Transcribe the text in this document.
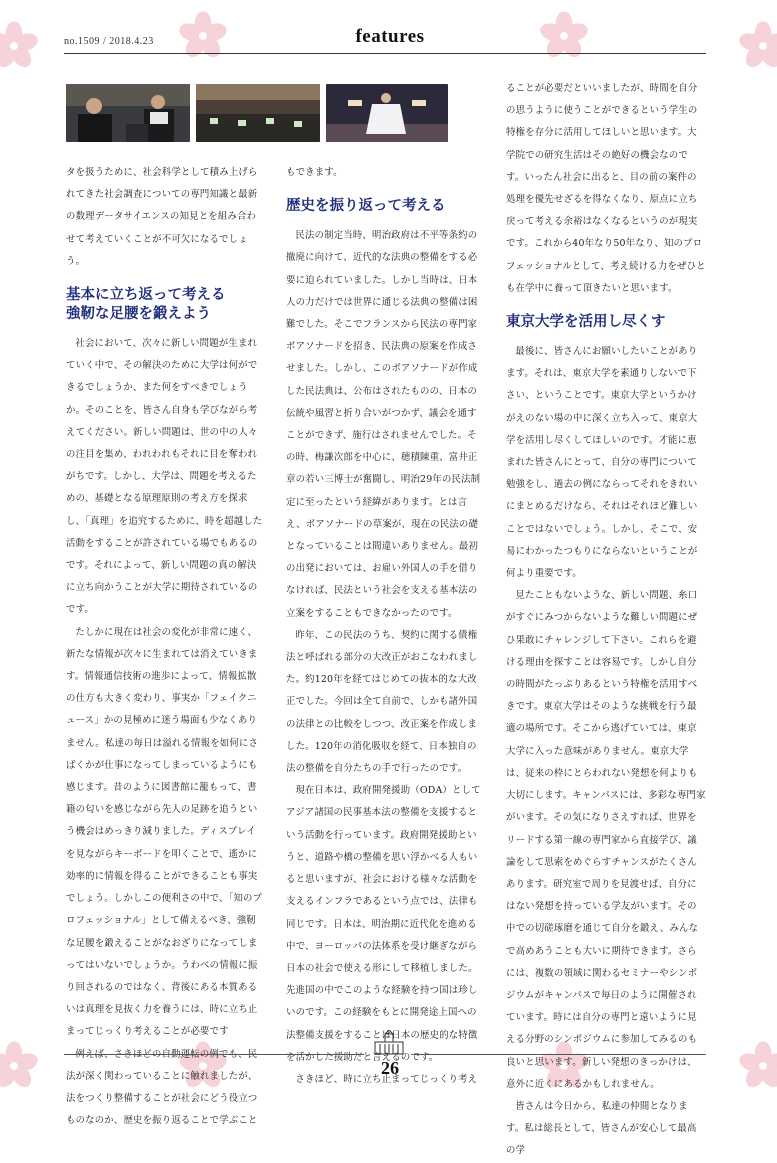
no.1509 / 2018.4.23	features

タを扱うために、社会科学として積み上げられてきた社会調査についての専門知識と最新の数理データサイエンスの知見とを組み合わせて考えていくことが不可欠になるでしょう。

基本に立ち返って考える
強靭な足腰を鍛えよう

社会において、次々に新しい問題が生まれていく中で、その解決のために大学は何ができるでしょうか、また何をすべきでしょうか。そのことを、皆さん自身も学びながら考えてください。新しい問題は、世の中の人々の注目を集め、われわれもそれに目を奪われがちです。しかし、大学は、問題を考えるための、基礎となる原理原則の考え方を探求し、「真理」を追究するために、時を超越した活動をすることが許されている場でもあるのです。それによって、新しい問題の真の解決に立ち向かうことが大学に期待されているのです。

たしかに現在は社会の変化が非常に速く、新たな情報が次々に生まれては消えていきます。情報通信技術の進歩によって、情報拡散の仕方も大きく変わり、事実か「フェイクニュース」かの見極めに迷う場面も少なくありません。私達の毎日は溢れる情報を如何にさばくかが仕事になってしまっているようにも感じます。昔のように図書館に籠もって、書籍の匂いを感じながら先人の足跡を追うという機会はめっきり減りました。ディスプレイを見ながらキーボードを叩くことで、遙かに効率的に情報を得ることができることも事実でしょう。しかしこの便利さの中で、「知のプロフェッショナル」として備えるべき、強靭な足腰を鍛えることがなおざりになってしまってはいないでしょうか。うわべの情報に振り回されるのではなく、背後にある本質あるいは真理を見抜く力を養うには、時に立ち止まってじっくり考えることが必要です

例えば、さきほどの自動運転の例でも、民法が深く関わっていることに触れましたが、法をつくり整備することが社会にどう役立つものなのか、歴史を振り返ることで学ぶこと

もできます。

歴史を振り返って考える

民法の制定当時、明治政府は不平等条約の撤廃に向けて、近代的な法典の整備をする必要に迫られていました。しかし当時は、日本人の力だけでは世界に通じる法典の整備は困難でした。そこでフランスから民法の専門家ボアソナードを招き、民法典の原案を作成させました。しかし、このボアソナードが作成した民法典は、公布はされたものの、日本の伝統や風習と折り合いがつかず、議会を通すことができず、施行はされませんでした。その時、梅謙次郎を中心に、穂積陳重、富井正章の若い三博士が奮闘し、明治29年の民法制定に至ったという経緯があります。とは言え、ボアソナードの草案が、現在の民法の礎となっていることは間違いありません。最初の出発においては、お雇い外国人の手を借りなければ、民法という社会を支える基本法の立案をすることもできなかったのです。

昨年、この民法のうち、契約に関する債権法と呼ばれる部分の大改正がおこなわれました。約120年を経てはじめての抜本的な大改正でした。今回は全て自前で、しかも諸外国の法律との比較をしつつ、改正案を作成しました。120年の消化吸収を経て、日本独自の法の整備を自分たちの手で行ったのです。

現在日本は、政府開発援助（ODA）としてアジア諸国の民事基本法の整備を支援するという活動を行っています。政府開発援助というと、道路や橋の整備を思い浮かべる人もいると思いますが、社会における様々な活動を支えるインフラであるという点では、法律も同じです。日本は、明治期に近代化を進める中で、ヨーロッパの法体系を受け継ぎながら日本の社会で使える形にして移植しました。先進国の中でこのような経験を持つ国は珍しいのです。この経験をもとに開発途上国への法整備支援をすることは日本の歴史的な特徴を活かした援助だと言えるのです。

さきほど、時に立ち止まってじっくり考え

ることが必要だといいましたが、時間を自分の思うように使うことができるという学生の特権を存分に活用してほしいと思います。大学院での研究生活はその絶好の機会なのです。いったん社会に出ると、目の前の案件の処理を優先せざるを得なくなり、原点に立ち戻って考える余裕はなくなるというのが現実です。これから40年なり50年なり、知のプロフェッショナルとして、考え続ける力をぜひとも在学中に養って頂きたいと思います。

東京大学を活用し尽くす

最後に、皆さんにお願いしたいことがあります。それは、東京大学を素通りしないで下さい、ということです。東京大学というかけがえのない場の中に深く立ち入って、東京大学を活用し尽くしてほしいのです。才能に恵まれた皆さんにとって、自分の専門について勉強をし、過去の例にならってそれをきれいにまとめるだけなら、それはそれほど難しいことではないでしょう。しかし、そこで、安易にわかったつもりにならないということが何より重要です。

見たこともないような、新しい問題、糸口がすぐにみつからないような難しい問題にぜひ果敢にチャレンジして下さい。これらを避ける理由を探すことは容易です。しかし自分の時間がたっぷりあるという特権を活用すべきです。東京大学はそのような挑戦を行う最適の場所です。そこから逃げていては、東京大学に入った意味がありません。東京大学は、従来の枠にとらわれない発想を何よりも大切にします。キャンパスには、多彩な専門家がいます。その気になりさえすれば、世界をリードする第一線の専門家から直接学び、議論をして思索をめぐらすチャンスがたくさんあります。研究室で周りを見渡せば、自分にはない発想を持っている学友がいます。その中での切磋琢磨を通じて自分を鍛え、みんなで高めあうことも大いに期待できます。さらには、複数の領域に関わるセミナーやシンポジウムがキャンパスで毎日のように開催されています。時には自分の専門と遠いように見える分野のシンポジウムに参加してみるのも良いと思います。新しい発想のきっかけは、意外に近くにあるかもしれません。

皆さんは今日から、私達の仲間となります。私は総長として、皆さんが安心して最高の学

26
